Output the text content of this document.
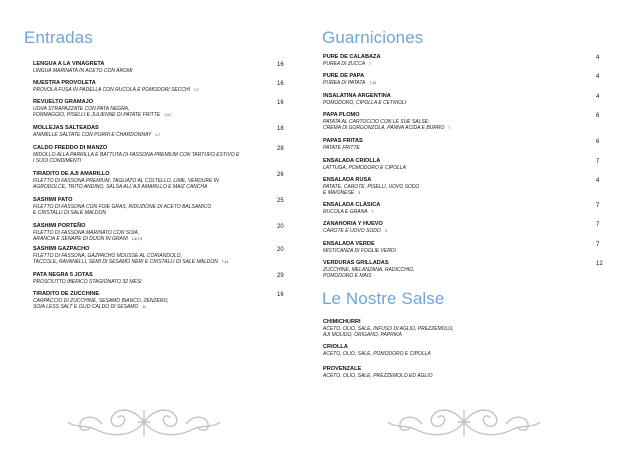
Entradas	Guarniciones
Le Nostre Salse
LENGUA A LA VINAGRETA
LINGUA MARINATA IN ACETO CON AROMI
16
NUESTRA PROVOLETA
PROVOLA FUSA IN PADELLA CON RUCOLA E POMODORI SECCHI 1,7
16
REVUELTO GRAMAJO
UOVA STRAPAZZATE CON PATA NEGRA,
FORMAGGIO, PISELLI E JULIENNE DI PATATE FRITTE 1,3,7
16
MOLLEJAS SALTEADAS
ANIMELLE SALTATE CON PORRI E CHARDONNAY 1,7
18
CALDO FREDDO DI MANZO
MIDOLLO ALLA PARRILLA E BATTUTA DI FASSONA PREMIUM CON TARTUFO ESTIVO E
I SUOI CONDIMENTI
28
TIRADITO DE AJI AMARILLO
FILETTO DI FASSONA PREMIUM, TAGLIATO AL COLTELLO, LIME, VERDURE IN
AGRODOLCE, TRITO ANDINO, SALSA ALL'AJI AMARILLO E MAIZ CANCHA
26
SASHIMI PATO
FILETTO DI FASSONA CON FOIE GRAS, RIDUZIONE DI ACETO BALSAMICO
E CRISTALLI DI SALE MALDON
25
SASHIMI PORTEÑO
FILETTO DI FASSONA MARINATO CON SOIA,
ARANCIA E SENAPE DI DIJON IN GRANI 1,6,7,9
20
SASHIMI GAZPACHO
FILETTO DI FASSONA, GAZPACHO MOUSSE AL CORIANDOLO,
TACCOLE, RAVANELLI, SEMI DI SESAMO NERI E CRISTALLI DI SALE MALDON 7,11
20
PATA NEGRA 5 JOTAS
PROSCIUTTO IBERICO STAGIONATO 32 MESI
29
TIRADITO DE ZUCCHINE
CARPACCIO DI ZUCCHINE, SESAMO BIANCO, ZENZERO,
SOIA LESS SALT E OLIO CALDO DI SESAMO 11
16
PURE DE CALABAZA
PUREA DI ZUCCA 7
4
PURE DE PAPA
PUREA DI PATATA 7,13
4
INSALATINA ARGENTINA
POMODORO, CIPOLLA E CETRIOLI
4
PAPA PLOMO
PATATA AL CARTOCCIO CON LE SUE SALSE:
CREMA DI GORGONZOLA, PANNA ACIDA E BURRO 7
6
PAPAS FRITAS
PATATE FRITTE
6
ENSALADA CRIOLLA
LATTUGA, POMODORO E CIPOLLA
7
ENSALADA RUSA
PATATE, CAROTE, PISELLI, UOVO SODO
E MAIONESE 3
4
ENSALADA CLÁSICA
RUCOLA E GRANA 7
7
ZANAHORIA Y HUEVO
CAROTE E UOVO SODO 3
7
ENSALADA VERDE
MISTICANZA DI FOGLIE VERDI
7
VERDURAS GRILLADAS
ZUCCHINE, MELANZANA, RADICCHIO,
POMODORO E MAIS
12
CHIMICHURRI
ACETO, OLIO, SALE, INFUSO DI AGLIO, PREZZEMOLO,
AJI MOLIDO, ORIGANO, PAPRIKA
CRIOLLA
ACETO, OLIO, SALE, POMODORO E CIPOLLA
PROVENZALE
ACETO, OLIO, SALE, PREZZEMOLO ED AGLIO
